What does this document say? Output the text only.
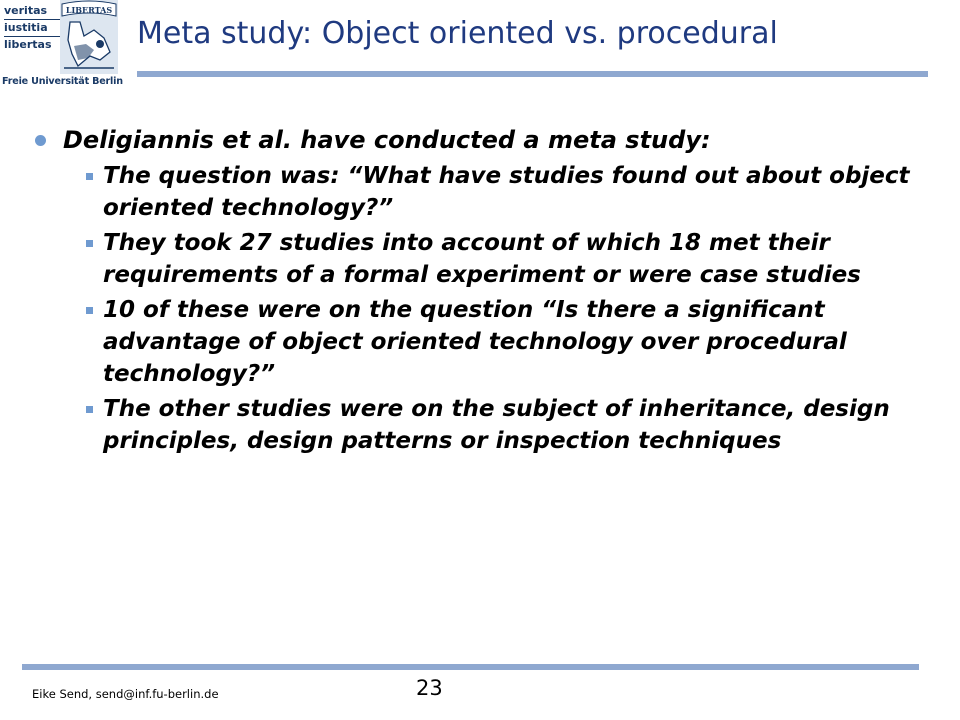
veritas
iustitia
libertas
LIBERTAS
Freie Universität Berlin
Meta study: Object oriented vs. procedural
Deligiannis et al. have conducted a meta study:
The question was: “What have studies found out about object oriented technology?”
They took 27 studies into account of which 18 met their requirements of a formal experiment or were case studies
10 of these were on the question “Is there a significant advantage of object oriented technology over procedural technology?”
The other studies were on the subject of inheritance, design principles, design patterns or inspection techniques
Eike Send, send@inf.fu-berlin.de	23
